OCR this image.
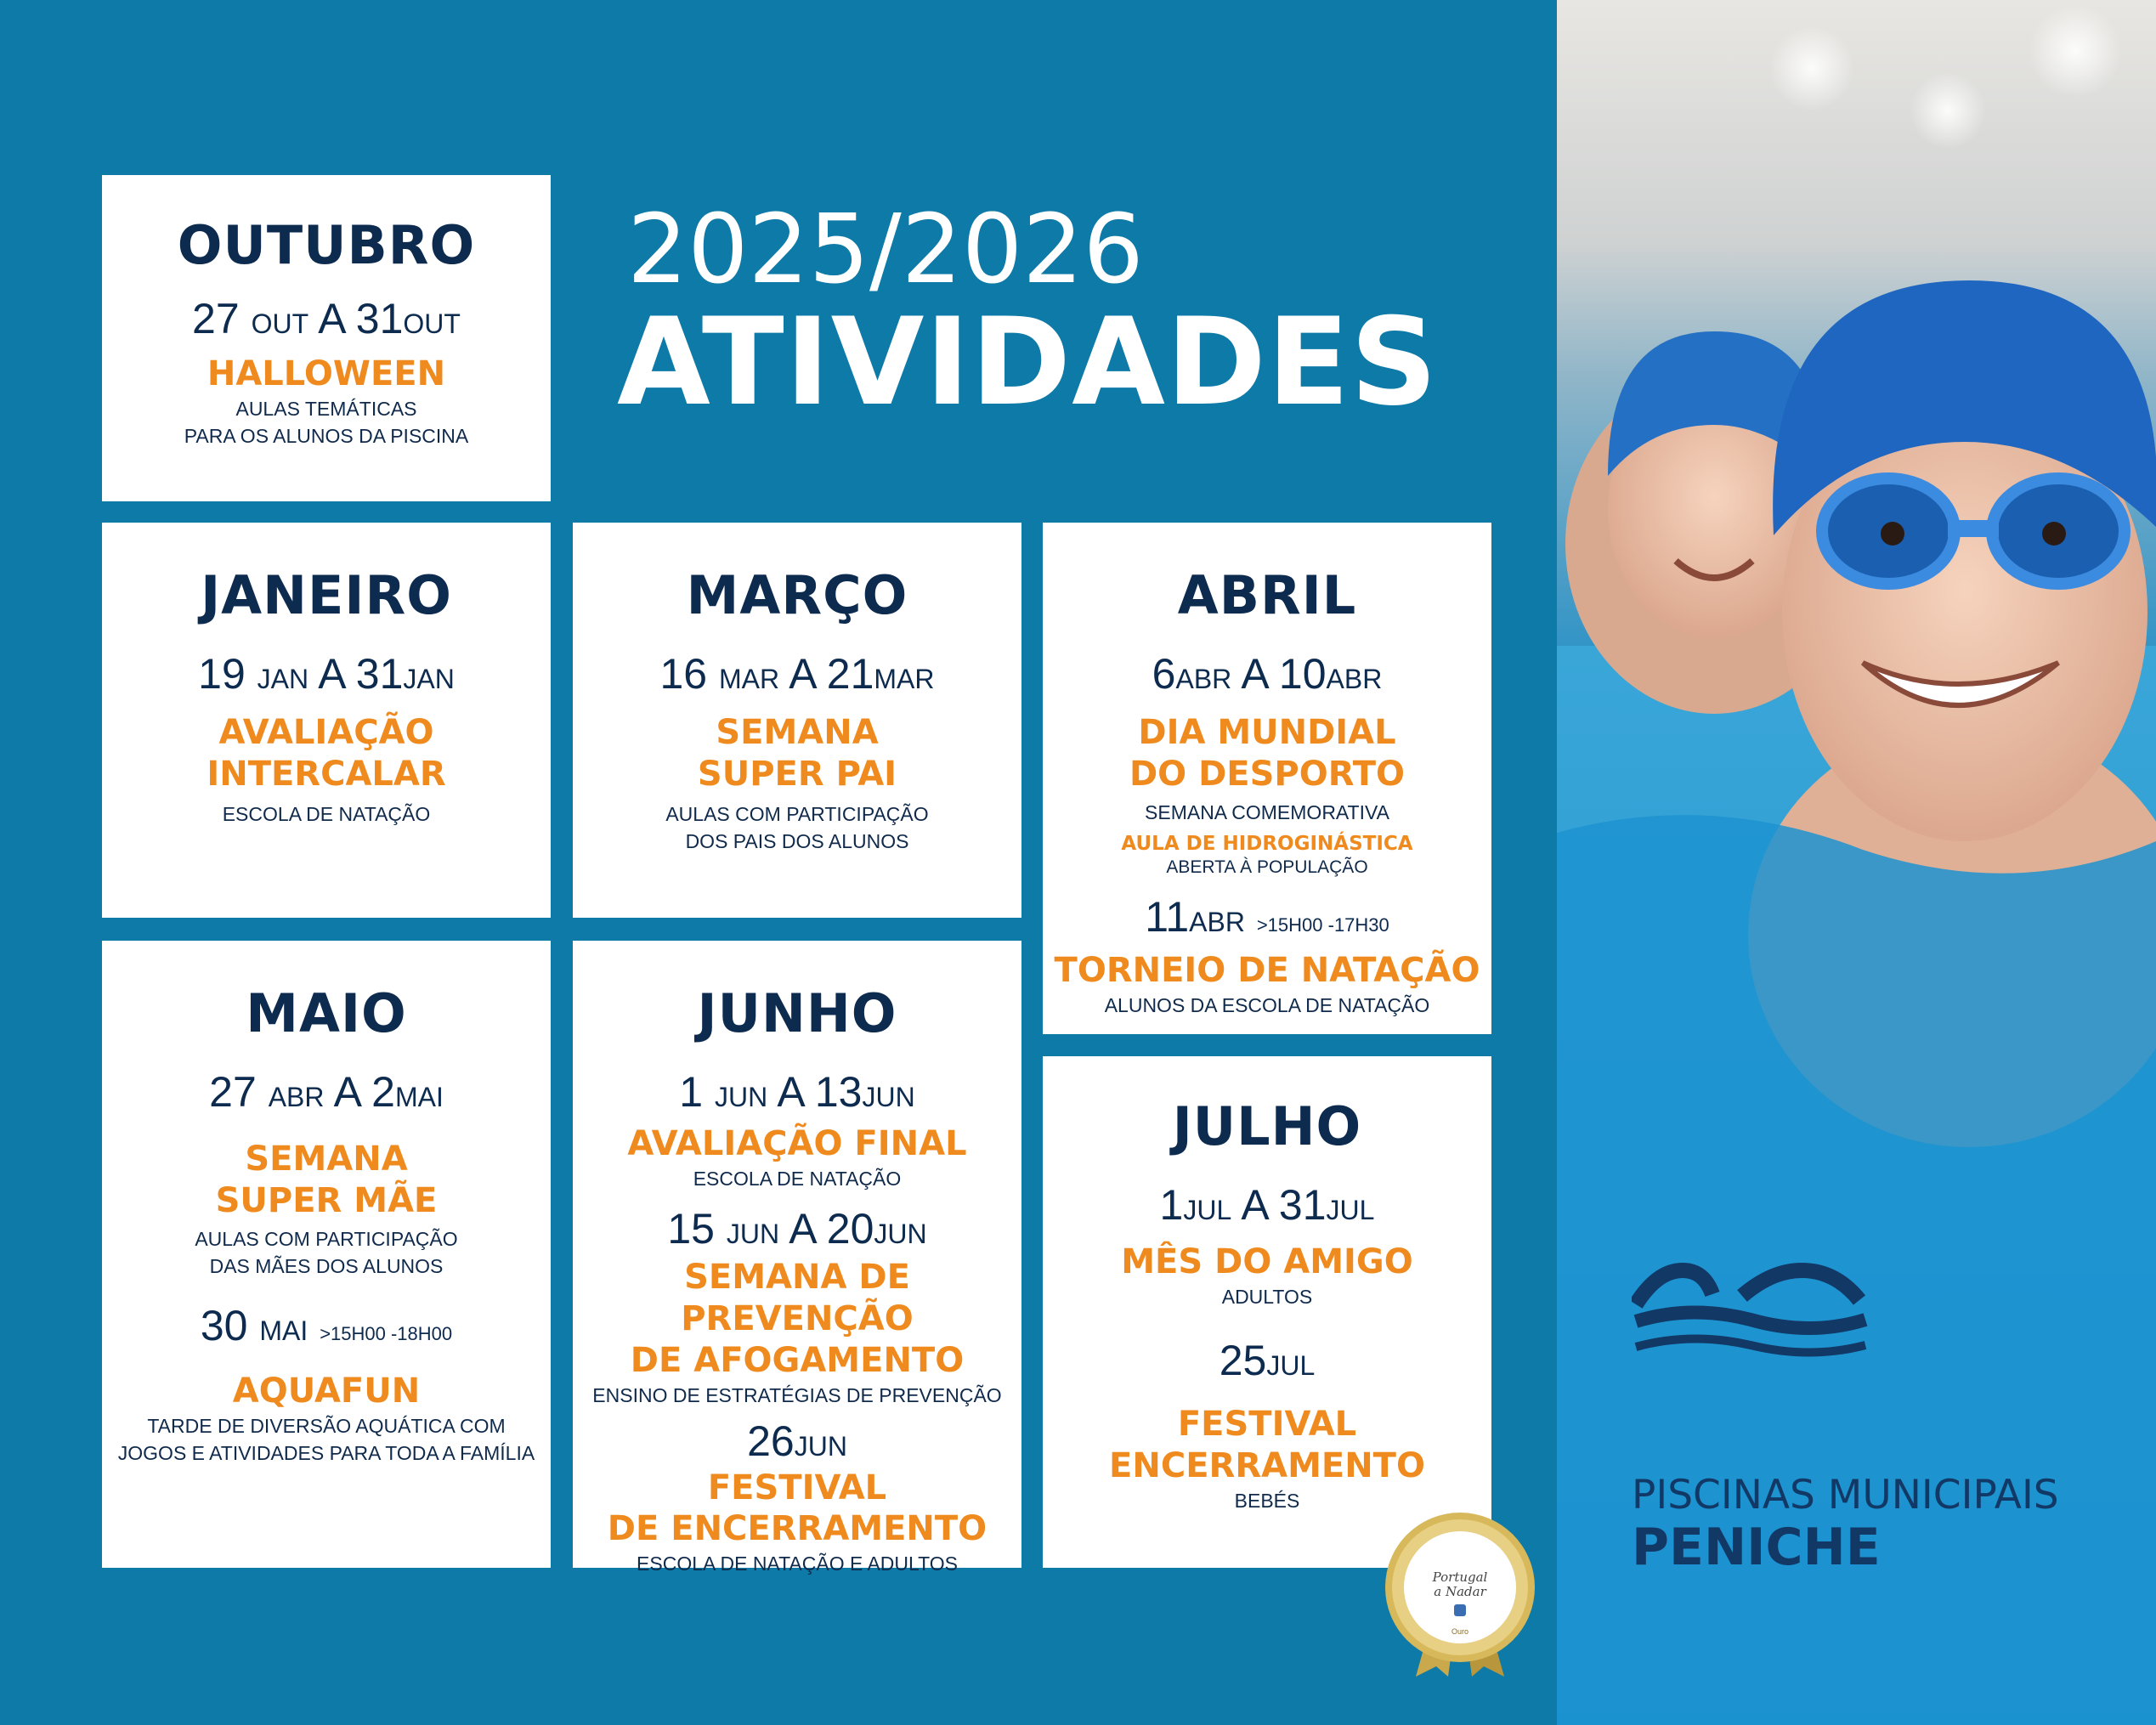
2025/2026
ATIVIDADES
OUTUBRO
27 OUT A 31OUT
HALLOWEEN
AULAS TEMÁTICAS
PARA OS ALUNOS DA PISCINA
JANEIRO
19 JAN A 31JAN
AVALIAÇÃO
INTERCALAR
ESCOLA DE NATAÇÃO
MARÇO
16 MAR A 21MAR
SEMANA
SUPER PAI
AULAS COM PARTICIPAÇÃO
DOS PAIS DOS ALUNOS
ABRIL
6ABR A 10ABR
DIA MUNDIAL
DO DESPORTO
SEMANA COMEMORATIVA
AULA DE HIDROGINÁSTICA
ABERTA À POPULAÇÃO
11ABR >15H00 -17H30
TORNEIO DE NATAÇÃO
ALUNOS DA ESCOLA DE NATAÇÃO
MAIO
27 ABR A 2MAI
SEMANA
SUPER MÃE
AULAS COM PARTICIPAÇÃO
DAS MÃES DOS ALUNOS
30 MAI >15H00 -18H00
AQUAFUN
TARDE DE DIVERSÃO AQUÁTICA COM
JOGOS E ATIVIDADES PARA TODA A FAMÍLIA
JUNHO
1 JUN A 13JUN
AVALIAÇÃO FINAL
ESCOLA DE NATAÇÃO
15 JUN A 20JUN
SEMANA DE PREVENÇÃO
DE AFOGAMENTO
ENSINO DE ESTRATÉGIAS DE PREVENÇÃO
26JUN
FESTIVAL
DE ENCERRAMENTO
ESCOLA DE NATAÇÃO E ADULTOS
JULHO
1JUL A 31JUL
MÊS DO AMIGO
ADULTOS
25JUL
FESTIVAL
ENCERRAMENTO
BEBÉS
Portugal
a Nadar
Ouro
PISCINAS MUNICIPAIS
PENICHE
